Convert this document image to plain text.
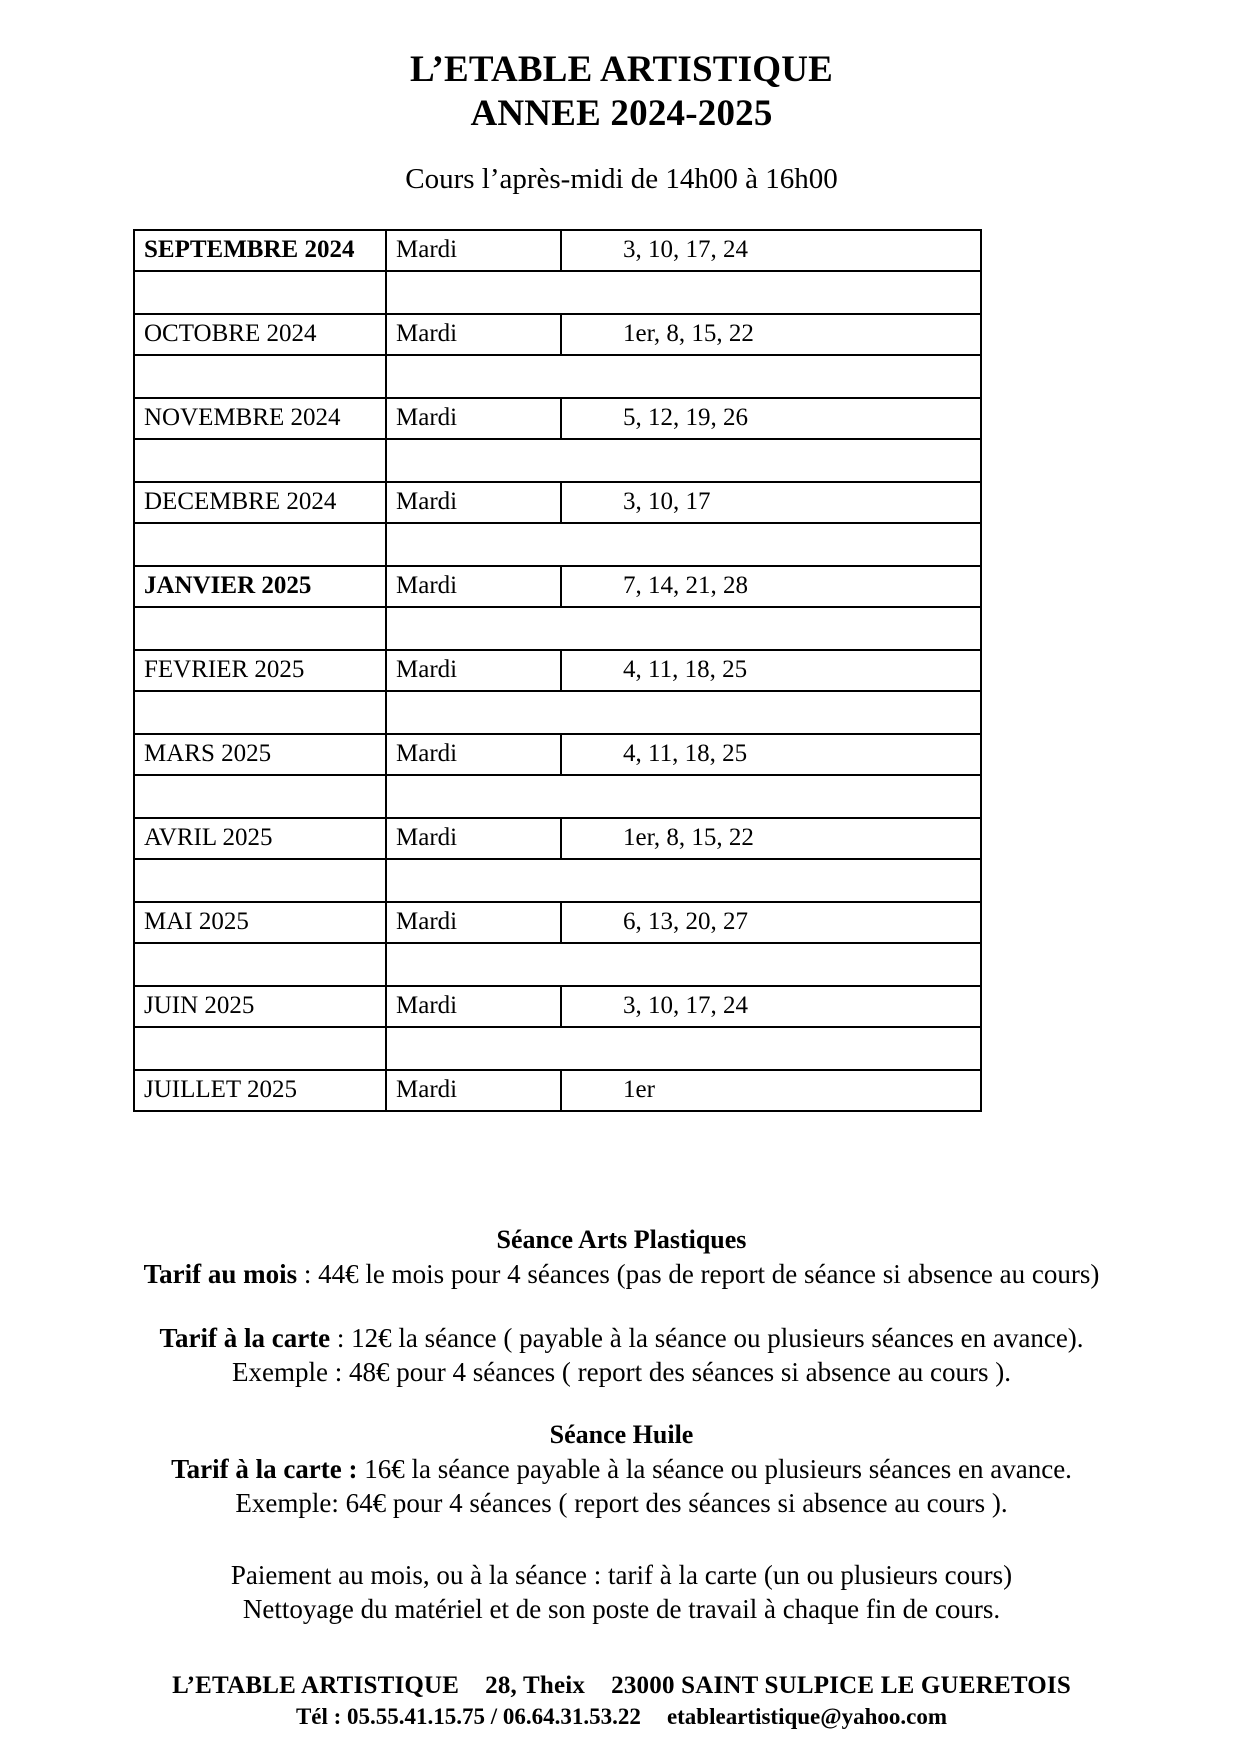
L’ETABLE ARTISTIQUE
ANNEE 2024-2025

Cours l’après-midi de 14h00 à 16h00

SEPTEMBRE 2024	Mardi	3, 10, 17, 24

OCTOBRE 2024	Mardi	1er, 8, 15, 22

NOVEMBRE 2024	Mardi	5, 12, 19, 26

DECEMBRE 2024	Mardi	3, 10, 17

JANVIER 2025	Mardi	7, 14, 21, 28

FEVRIER 2025	Mardi	4, 11, 18, 25

MARS 2025	Mardi	4, 11, 18, 25

AVRIL 2025	Mardi	1er, 8, 15, 22

MAI 2025	Mardi	6, 13, 20, 27

JUIN 2025	Mardi	3, 10, 17, 24

JUILLET 2025	Mardi	1er

Séance Arts Plastiques

Tarif au mois : 44€ le mois pour 4 séances (pas de report de séance si absence au cours)

Tarif à la carte : 12€ la séance ( payable à la séance ou plusieurs séances en avance).

Exemple : 48€ pour 4 séances ( report des séances si absence au cours ).

Séance Huile

Tarif à la carte : 16€ la séance payable à la séance ou plusieurs séances en avance.

Exemple: 64€ pour 4 séances ( report des séances si absence au cours ).

Paiement au mois, ou à la séance : tarif à la carte (un ou plusieurs cours)

Nettoyage du matériel et de son poste de travail à chaque fin de cours.

L’ETABLE ARTISTIQUE 28, Theix 23000 SAINT SULPICE LE GUERETOIS
Tél : 05.55.41.15.75 / 06.64.31.53.22 etableartistique@yahoo.com
